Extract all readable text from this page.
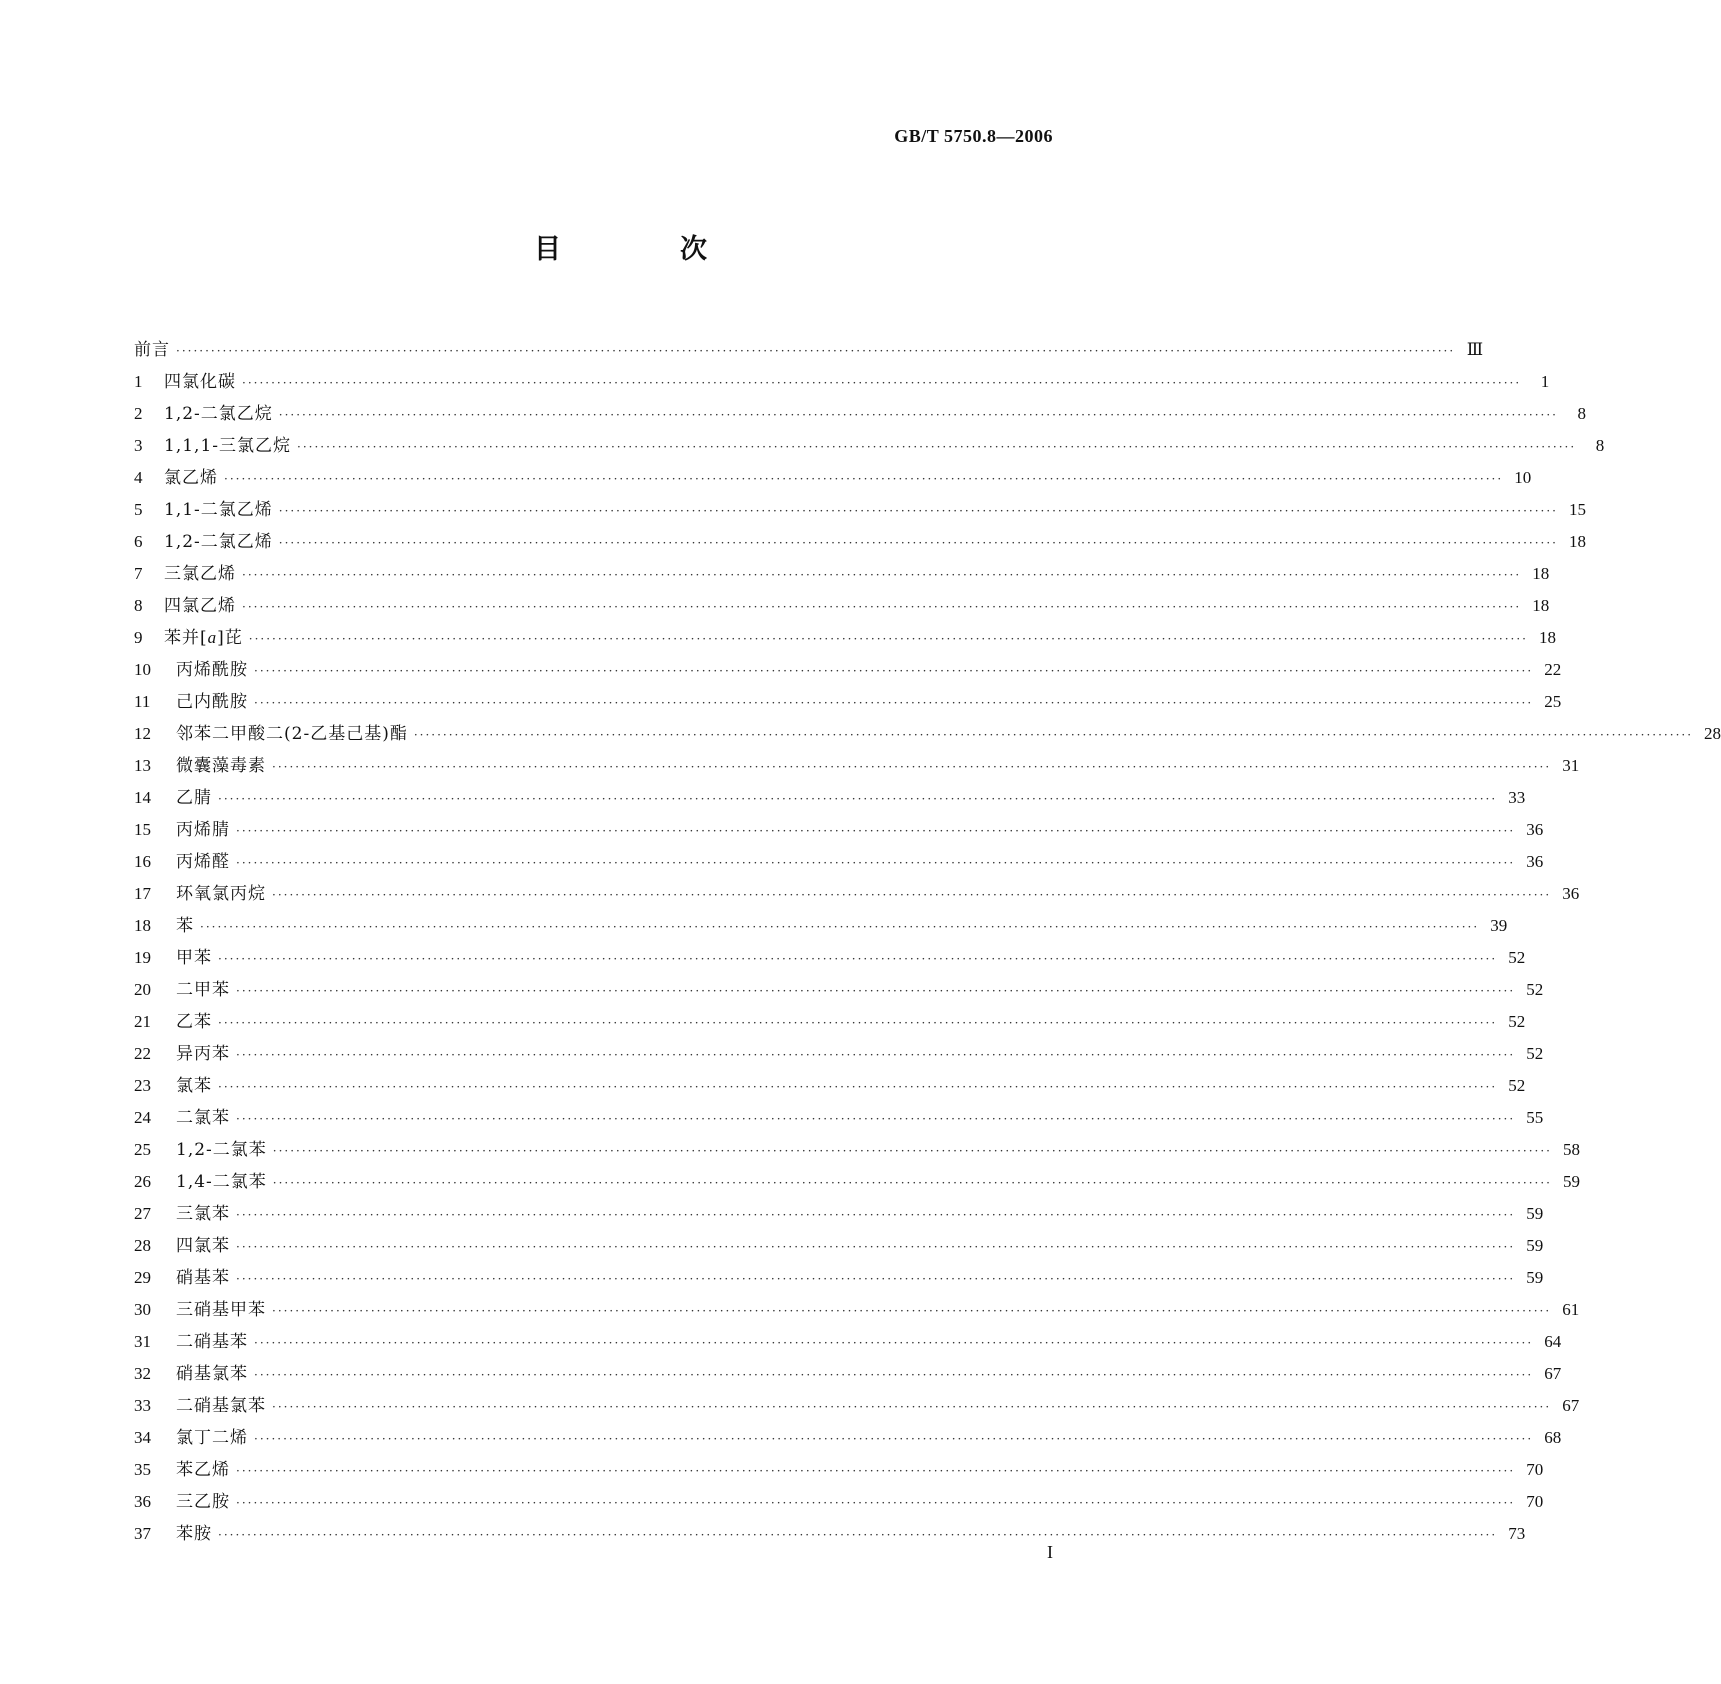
GB/T 5750.8—2006
目　次
前言 ···························································································································································································································· Ⅲ
1	四氯化碳 ····························································································································································································································	1
2	1,2-二氯乙烷 ····························································································································································································································	8
3	1,1,1-三氯乙烷 ····························································································································································································································	8
4	氯乙烯 ···························································································································································································································· 10
5	1,1-二氯乙烯 ···························································································································································································································· 15
6	1,2-二氯乙烯 ···························································································································································································································· 18
7	三氯乙烯 ···························································································································································································································· 18
8	四氯乙烯 ···························································································································································································································· 18
9	苯并[a]芘 ···························································································································································································································· 18
10	丙烯酰胺 ···························································································································································································································· 22
11	己内酰胺 ···························································································································································································································· 25
12	邻苯二甲酸二(2-乙基己基)酯 ···························································································································································································································· 28
13	微囊藻毒素 ···························································································································································································································· 31
14	乙腈 ···························································································································································································································· 33
15	丙烯腈 ···························································································································································································································· 36
16	丙烯醛 ···························································································································································································································· 36
17	环氧氯丙烷 ···························································································································································································································· 36
18	苯 ···························································································································································································································· 39
19	甲苯 ···························································································································································································································· 52
20	二甲苯 ···························································································································································································································· 52
21	乙苯 ···························································································································································································································· 52
22	异丙苯 ···························································································································································································································· 52
23	氯苯 ···························································································································································································································· 52
24	二氯苯 ···························································································································································································································· 55
25	1,2-二氯苯 ···························································································································································································································· 58
26	1,4-二氯苯 ···························································································································································································································· 59
27	三氯苯 ···························································································································································································································· 59
28	四氯苯 ···························································································································································································································· 59
29	硝基苯 ···························································································································································································································· 59
30	三硝基甲苯 ···························································································································································································································· 61
31	二硝基苯 ···························································································································································································································· 64
32	硝基氯苯 ···························································································································································································································· 67
33	二硝基氯苯 ···························································································································································································································· 67
34	氯丁二烯 ···························································································································································································································· 68
35	苯乙烯 ···························································································································································································································· 70
36	三乙胺 ···························································································································································································································· 70
37	苯胺 ···························································································································································································································· 73
I
